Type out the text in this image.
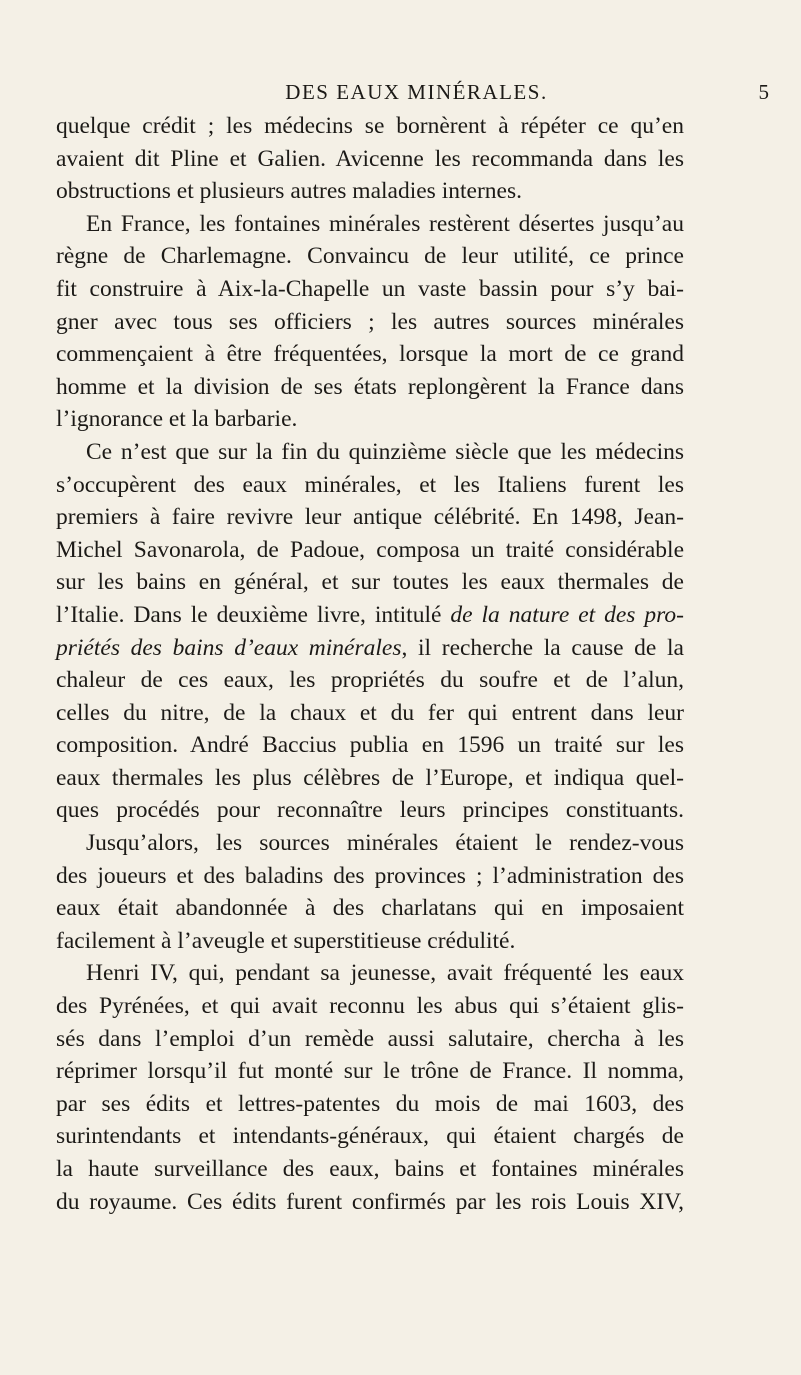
DES EAUX MINÉRALES.	5
quelque crédit ; les médecins se bornèrent à répéter ce qu’en
avaient dit Pline et Galien. Avicenne les recommanda dans les
obstructions et plusieurs autres maladies internes.
En France, les fontaines minérales restèrent désertes jusqu’au
règne de Charlemagne. Convaincu de leur utilité, ce prince
fit construire à Aix-la-Chapelle un vaste bassin pour s’y bai-
gner avec tous ses officiers ; les autres sources minérales
commençaient à être fréquentées, lorsque la mort de ce grand
homme et la division de ses états replongèrent la France dans
l’ignorance et la barbarie.
Ce n’est que sur la fin du quinzième siècle que les médecins
s’occupèrent des eaux minérales, et les Italiens furent les
premiers à faire revivre leur antique célébrité. En 1498, Jean-
Michel Savonarola, de Padoue, composa un traité considérable
sur les bains en général, et sur toutes les eaux thermales de
l’Italie. Dans le deuxième livre, intitulé de la nature et des pro-
priétés des bains d’eaux minérales, il recherche la cause de la
chaleur de ces eaux, les propriétés du soufre et de l’alun,
celles du nitre, de la chaux et du fer qui entrent dans leur
composition. André Baccius publia en 1596 un traité sur les
eaux thermales les plus célèbres de l’Europe, et indiqua quel-
ques procédés pour reconnaître leurs principes constituants.
Jusqu’alors, les sources minérales étaient le rendez-vous
des joueurs et des baladins des provinces ; l’administration des
eaux était abandonnée à des charlatans qui en imposaient
facilement à l’aveugle et superstitieuse crédulité.
Henri IV, qui, pendant sa jeunesse, avait fréquenté les eaux
des Pyrénées, et qui avait reconnu les abus qui s’étaient glis-
sés dans l’emploi d’un remède aussi salutaire, chercha à les
réprimer lorsqu’il fut monté sur le trône de France. Il nomma,
par ses édits et lettres-patentes du mois de mai 1603, des
surintendants et intendants-généraux, qui étaient chargés de
la haute surveillance des eaux, bains et fontaines minérales
du royaume. Ces édits furent confirmés par les rois Louis XIV,
